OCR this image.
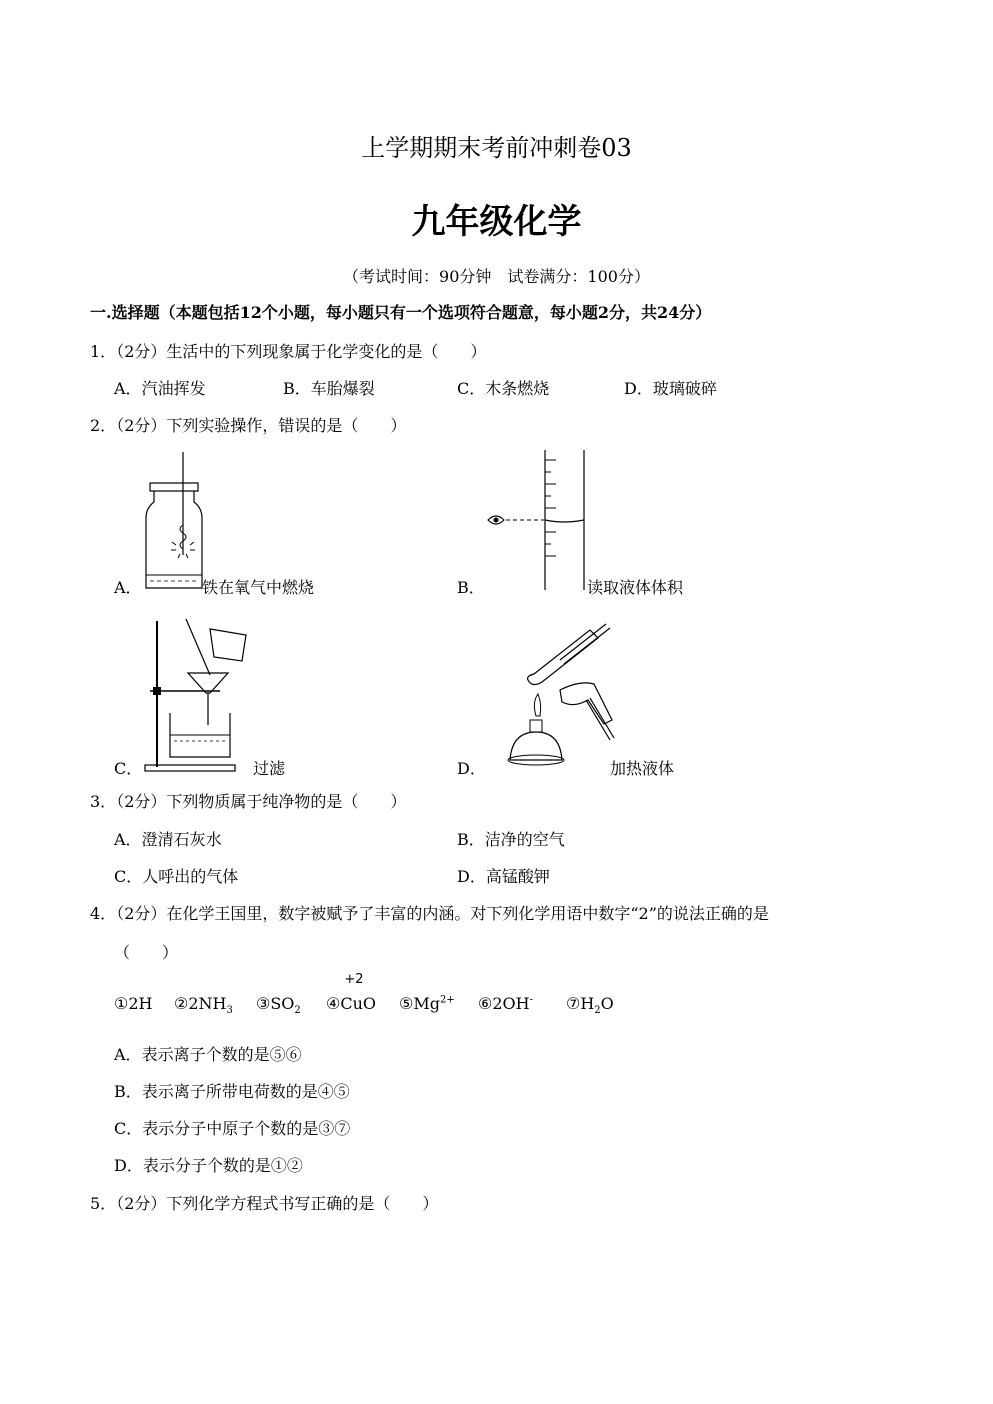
上学期期末考前冲刺卷03
九年级化学
（考试时间：90分钟　试卷满分：100分）
一.选择题（本题包括12个小题，每小题只有一个选项符合题意，每小题2分，共24分）
1．（2分）生活中的下列现象属于化学变化的是（　　）
A．汽油挥发	B．车胎爆裂	C．木条燃烧	D．玻璃破碎
2．（2分）下列实验操作，错误的是（　　）
A．	铁在氧气中燃烧	B．	读取液体体积
C．	过滤	D．	加热液体
3．（2分）下列物质属于纯净物的是（　　）
A．澄清石灰水	B．洁净的空气
C．人呼出的气体	D．高锰酸钾
4．（2分）在化学王国里，数字被赋予了丰富的内涵。对下列化学用语中数字“2”的说法正确的是
（　　）
①2H $②2NH_3$ $③SO_2$ ④
+2
CuO $⑤Mg^{2+}$ ⑥2OH- $⑦H_2O$
A．表示离子个数的是⑤⑥
B．表示离子所带电荷数的是④⑤
C．表示分子中原子个数的是③⑦
D．表示分子个数的是①②
5．（2分）下列化学方程式书写正确的是（　　）
